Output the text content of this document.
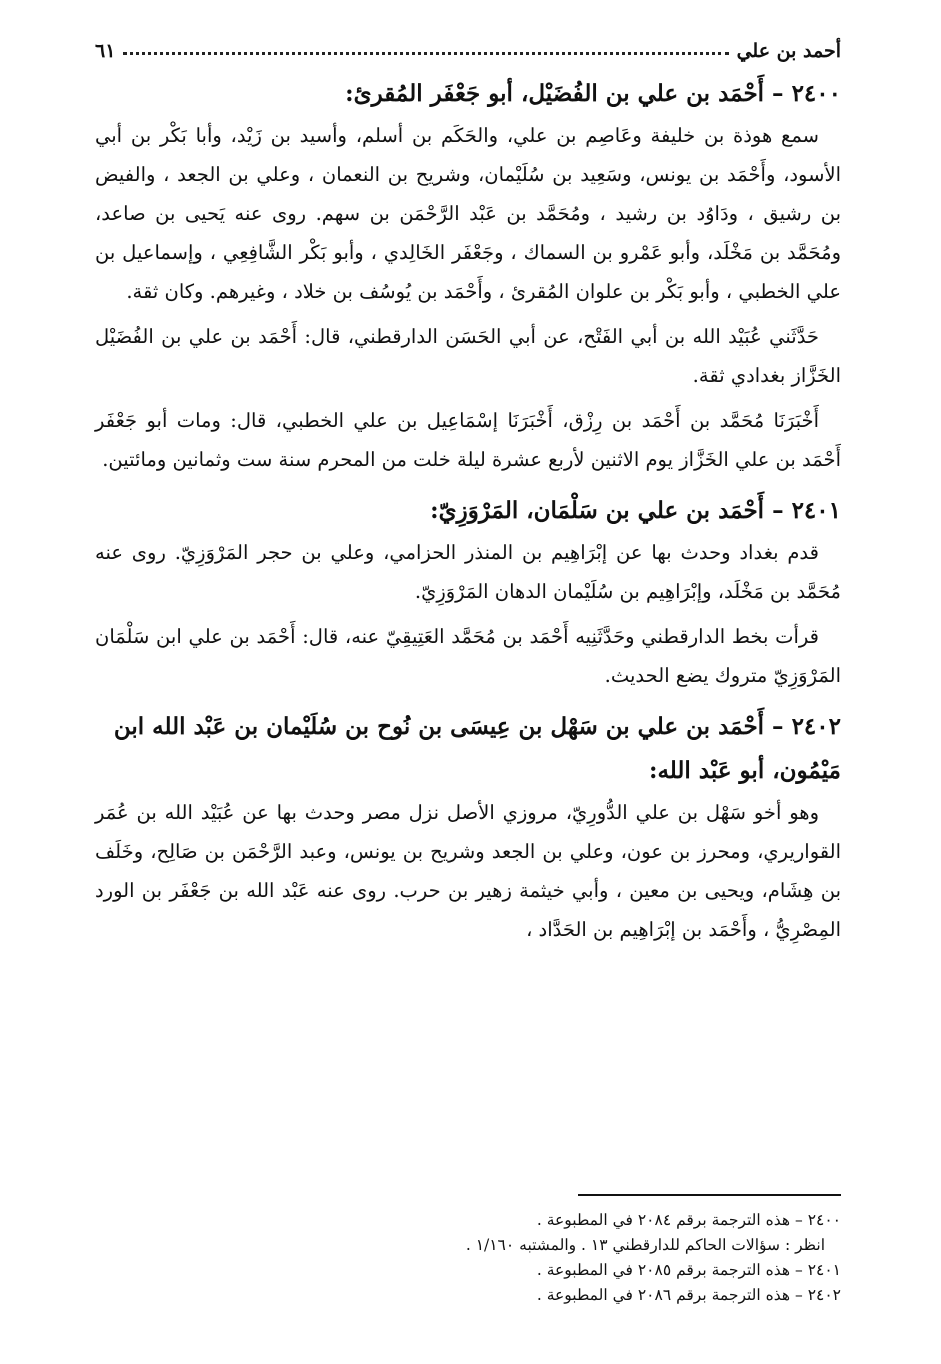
أحمد بن علي
٦١
٢٤٠٠ – أَحْمَد بن علي بن الفُضَيْل، أبو جَعْفَر المُقرئ:

سمع هوذة بن خليفة وعَاصِم بن علي، والحَكَم بن أسلم، وأسيد بن زَيْد، وأبا بَكْر بن أبي الأسود، وأَحْمَد بن يونس، وسَعِيد بن سُلَيْمان، وشريح بن النعمان ، وعلي بن الجعد ، والفيض بن رشيق ، ودَاوُد بن رشيد ، ومُحَمَّد بن عَبْد الرَّحْمَن بن سهم. روى عنه يَحيى بن صاعد، ومُحَمَّد بن مَخْلَد، وأبو عَمْرو بن السماك ، وجَعْفَر الخَالِدي ، وأبو بَكْر الشَّافِعِي ، وإسماعيل بن علي الخطبي ، وأبو بَكْر بن علوان المُقرئ ، وأَحْمَد بن يُوسُف بن خلاد ، وغيرهم. وكان ثقة.

حَدَّثَني عُبَيْد الله بن أبي الفَتْح، عن أبي الحَسَن الدارقطني، قال: أَحْمَد بن علي بن الفُضَيْل الخَزَّاز بغدادي ثقة.

أَخْبَرَنَا مُحَمَّد بن أَحْمَد بن رِزْق، أَخْبَرَنَا إسْمَاعِيل بن علي الخطبي، قال: ومات أبو جَعْفَر أَحْمَد بن علي الخَزَّاز يوم الاثنين لأربع عشرة ليلة خلت من المحرم سنة ست وثمانين ومائتين.

٢٤٠١ – أَحْمَد بن علي بن سَلْمَان، المَرْوَزِيّ:

قدم بغداد وحدث بها عن إبْرَاهِيم بن المنذر الحزامي، وعلي بن حجر المَرْوَزِيّ. روى عنه مُحَمَّد بن مَخْلَد، وإبْرَاهِيم بن سُلَيْمان الدهان المَرْوَزِيّ.

قرأت بخط الدارقطني وحَدَّثَنِيه أَحْمَد بن مُحَمَّد العَتِيقِيّ عنه، قال: أَحْمَد بن علي ابن سَلْمَان المَرْوَزِيّ متروك يضع الحديث.

٢٤٠٢ – أَحْمَد بن علي بن سَهْل بن عِيسَى بن نُوح بن سُلَيْمان بن عَبْد الله ابن مَيْمُون، أبو عَبْد الله:

وهو أخو سَهْل بن علي الدُّورِيّ، مروزي الأصل نزل مصر وحدث بها عن عُبَيْد الله بن عُمَر القواريري، ومحرز بن عون، وعلي بن الجعد وشريح بن يونس، وعبد الرَّحْمَن بن صَالِح، وخَلَف بن هِشَام، ويحيى بن معين ، وأبي خيثمة زهير بن حرب. روى عنه عَبْد الله بن جَعْفَر بن الورد المِصْرِيُّ ، وأَحْمَد بن إبْرَاهِيم بن الحَدَّاد ،

٢٤٠٠ – هذه الترجمة برقم ٢٠٨٤ في المطبوعة .
انظر : سؤالات الحاكم للدارقطني ١٣ . والمشتبه ١/١٦٠ .
٢٤٠١ – هذه الترجمة برقم ٢٠٨٥ في المطبوعة .
٢٤٠٢ – هذه الترجمة برقم ٢٠٨٦ في المطبوعة .
